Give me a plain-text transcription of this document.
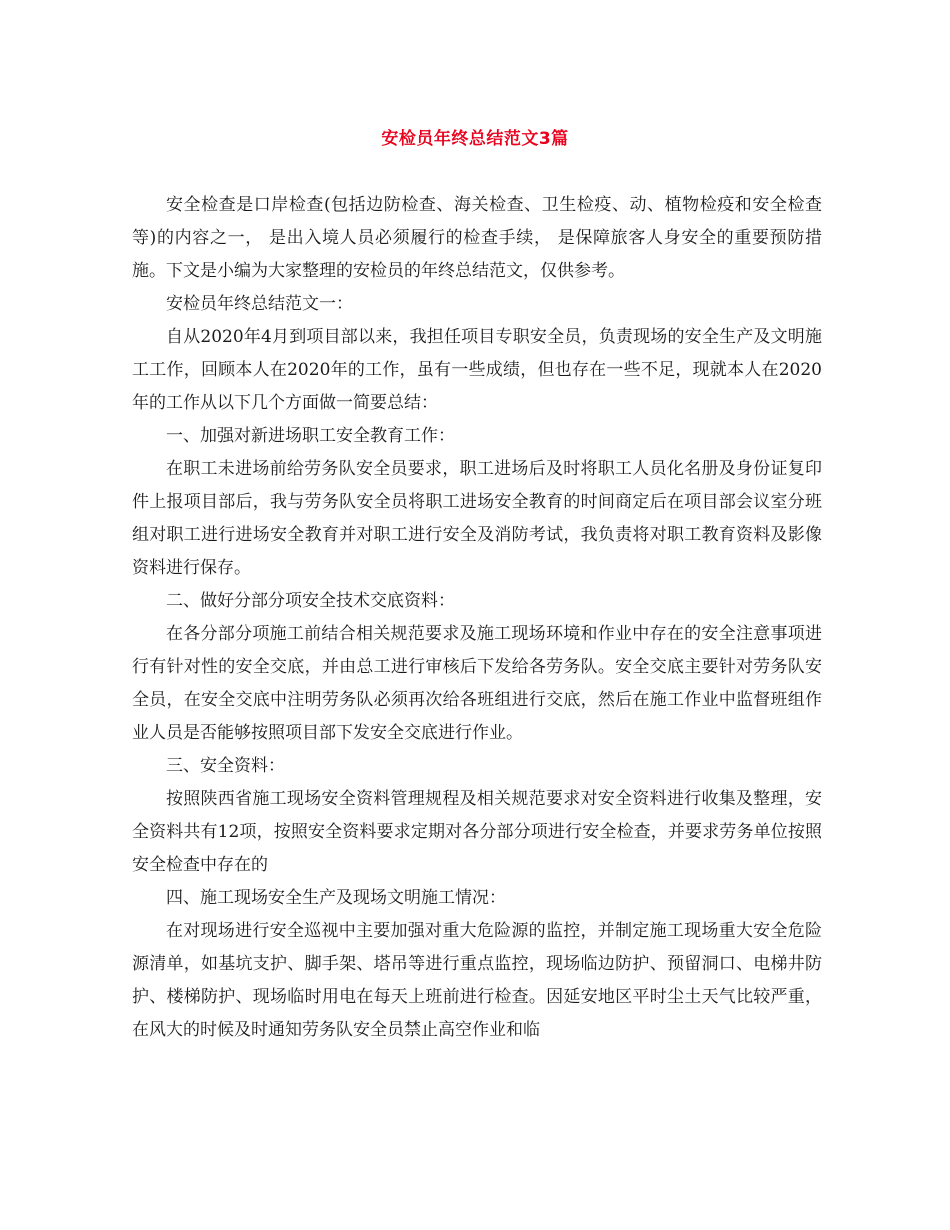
安检员年终总结范文3篇

安全检查是口岸检查(包括边防检查、海关检查、卫生检疫、动、植物检疫和安全检查等)的内容之一， 是出入境人员必须履行的检查手续， 是保障旅客人身安全的重要预防措施。下文是小编为大家整理的安检员的年终总结范文，仅供参考。

安检员年终总结范文一：

自从2020年4月到项目部以来，我担任项目专职安全员，负责现场的安全生产及文明施工工作，回顾本人在2020年的工作，虽有一些成绩，但也存在一些不足，现就本人在2020年的工作从以下几个方面做一简要总结：

一、加强对新进场职工安全教育工作：

在职工未进场前给劳务队安全员要求，职工进场后及时将职工人员化名册及身份证复印件上报项目部后，我与劳务队安全员将职工进场安全教育的时间商定后在项目部会议室分班组对职工进行进场安全教育并对职工进行安全及消防考试，我负责将对职工教育资料及影像资料进行保存。

二、做好分部分项安全技术交底资料：

在各分部分项施工前结合相关规范要求及施工现场环境和作业中存在的安全注意事项进行有针对性的安全交底，并由总工进行审核后下发给各劳务队。安全交底主要针对劳务队安全员，在安全交底中注明劳务队必须再次给各班组进行交底，然后在施工作业中监督班组作业人员是否能够按照项目部下发安全交底进行作业。

三、安全资料：

按照陕西省施工现场安全资料管理规程及相关规范要求对安全资料进行收集及整理，安全资料共有12项，按照安全资料要求定期对各分部分项进行安全检查，并要求劳务单位按照安全检查中存在的

四、施工现场安全生产及现场文明施工情况：

在对现场进行安全巡视中主要加强对重大危险源的监控，并制定施工现场重大安全危险源清单，如基坑支护、脚手架、塔吊等进行重点监控，现场临边防护、预留洞口、电梯井防护、楼梯防护、现场临时用电在每天上班前进行检查。因延安地区平时尘土天气比较严重，在风大的时候及时通知劳务队安全员禁止高空作业和临
